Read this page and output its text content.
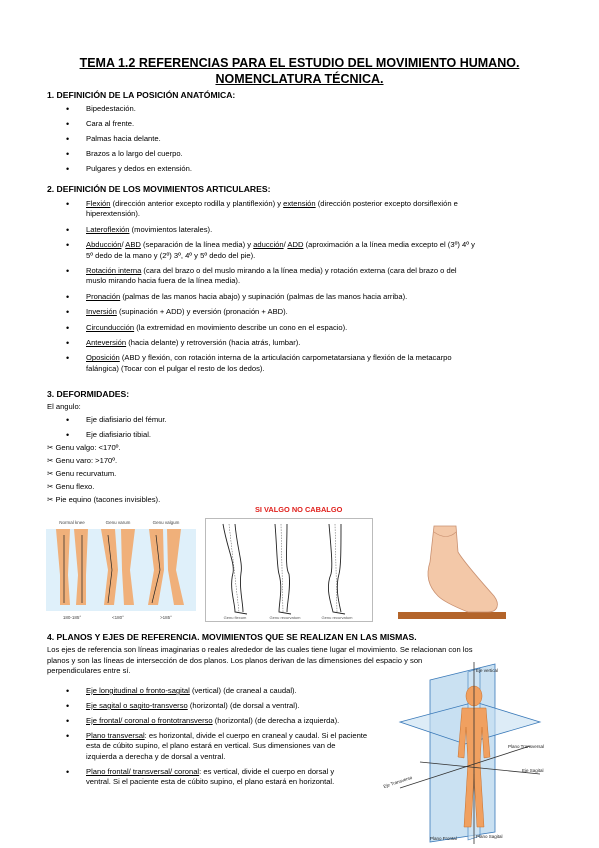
TEMA 1.2 REFERENCIAS PARA EL ESTUDIO DEL MOVIMIENTO HUMANO.
NOMENCLATURA TÉCNICA.
1. DEFINICIÓN DE LA POSICIÓN ANATÓMICA:
• Bipedestación.
• Cara al frente.
• Palmas hacia delante.
• Brazos a lo largo del cuerpo.
• Pulgares y dedos en extensión.
2. DEFINICIÓN DE LOS MOVIMIENTOS ARTICULARES:
• Flexión (dirección anterior excepto rodilla y plantiflexión) y extensión (dirección posterior excepto dorsiflexión e
hiperextensión).
• Lateroflexión (movimientos laterales).
• Abducción/ ABD (separación de la línea media) y aducción/ ADD (aproximación a la línea media excepto el (3º) 4º y
5º dedo de la mano y (2º) 3º, 4º y 5º dedo del pie).
• Rotación interna (cara del brazo o del muslo mirando a la línea media) y rotación externa (cara del brazo o del
muslo mirando hacia fuera de la línea media).
• Pronación (palmas de las manos hacia abajo) y supinación (palmas de las manos hacia arriba).
• Inversión (supinación + ADD) y eversión (pronación + ABD).
• Circunducción (la extremidad en movimiento describe un cono en el espacio).
• Anteversión (hacia delante) y retroversión (hacia atrás, lumbar).
• Oposición (ABD y flexión, con rotación interna de la articulación carpometatarsiana y flexión de la metacarpo
falángica) (Tocar con el pulgar el resto de los dedos).
3. DEFORMIDADES:
El angulo:
• Eje diafisiario del fémur.
• Eje diafisiario tibial.
✂ Genu valgo: <170º.
✂ Genu varo: >170º.
✂ Genu recurvatum.
✂ Genu flexo.
✂ Pie equino (tacones invisibles).
Normal knee	Genu varum	Genu valgum
180-185°	<180°	>185°
SI VALGO NO CABALGO
Genu flexum	Genu recurvatum	Genu recurvatum
4. PLANOS Y EJES DE REFERENCIA. MOVIMIENTOS QUE SE REALIZAN EN LAS MISMAS.
Los ejes de referencia son líneas imaginarias o reales alrededor de las cuales tiene lugar el movimiento. Se relacionan con los
planos y son las líneas de intersección de dos planos. Los planos derivan de las dimensiones del espacio y son
perpendiculares entre sí.
• Eje longitudinal o fronto-sagital (vertical) (de craneal a caudal).
• Eje sagital o sagito-transverso (horizontal) (de dorsal a ventral).
• Eje frontal/ coronal o frontotransverso (horizontal) (de derecha a izquierda).
• Plano transversal: es horizontal, divide el cuerpo en craneal y caudal. Si el paciente
esta de cúbito supino, el plano estará en vertical. Sus dimensiones van de
izquierda a derecha y de dorsal a ventral.
• Plano frontal/ transversal/ coronal: es vertical, divide el cuerpo en dorsal y
ventral. Si el paciente esta de cúbito supino, el plano estará en horizontal.
Eje vertical
Plano Transversal
Eje Sagital
Eje Transverso
Plano Frontal	Plano Sagital
